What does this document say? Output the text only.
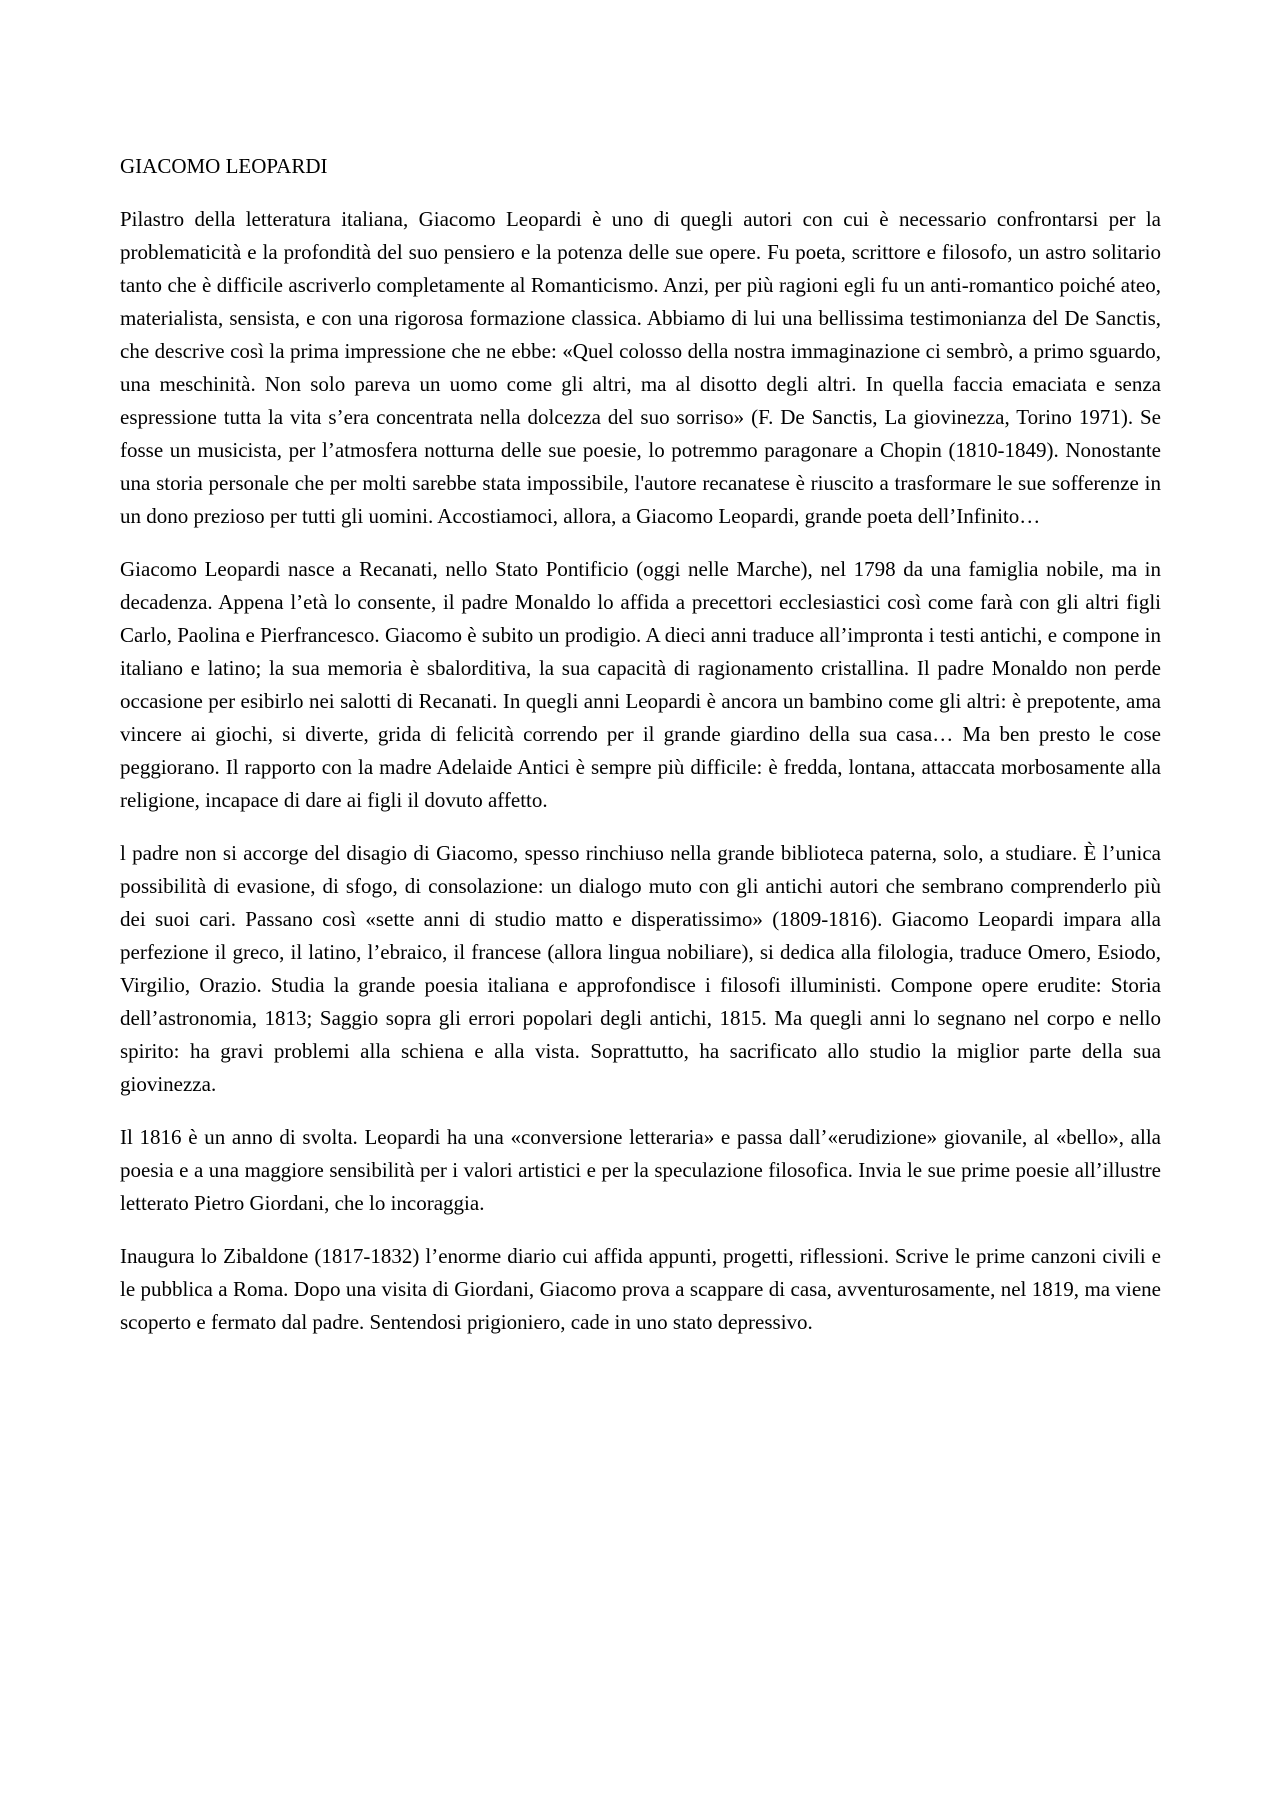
GIACOMO LEOPARDI

Pilastro della letteratura italiana, Giacomo Leopardi è uno di quegli autori con cui è necessario confrontarsi per la problematicità e la profondità del suo pensiero e la potenza delle sue opere. Fu poeta, scrittore e filosofo, un astro solitario tanto che è difficile ascriverlo completamente al Romanticismo. Anzi, per più ragioni egli fu un anti-romantico poiché ateo, materialista, sensista, e con una rigorosa formazione classica. Abbiamo di lui una bellissima testimonianza del De Sanctis, che descrive così la prima impressione che ne ebbe: «Quel colosso della nostra immaginazione ci sembrò, a primo sguardo, una meschinità. Non solo pareva un uomo come gli altri, ma al disotto degli altri. In quella faccia emaciata e senza espressione tutta la vita s’era concentrata nella dolcezza del suo sorriso» (F. De Sanctis, La giovinezza, Torino 1971). Se fosse un musicista, per l’atmosfera notturna delle sue poesie, lo potremmo paragonare a Chopin (1810-1849). Nonostante una storia personale che per molti sarebbe stata impossibile, l'autore recanatese è riuscito a trasformare le sue sofferenze in un dono prezioso per tutti gli uomini. Accostiamoci, allora, a Giacomo Leopardi, grande poeta dell’Infinito…

Giacomo Leopardi nasce a Recanati, nello Stato Pontificio (oggi nelle Marche), nel 1798 da una famiglia nobile, ma in decadenza. Appena l’età lo consente, il padre Monaldo lo affida a precettori ecclesiastici così come farà con gli altri figli Carlo, Paolina e Pierfrancesco. Giacomo è subito un prodigio. A dieci anni traduce all’impronta i testi antichi, e compone in italiano e latino; la sua memoria è sbalorditiva, la sua capacità di ragionamento cristallina. Il padre Monaldo non perde occasione per esibirlo nei salotti di Recanati. In quegli anni Leopardi è ancora un bambino come gli altri: è prepotente, ama vincere ai giochi, si diverte, grida di felicità correndo per il grande giardino della sua casa… Ma ben presto le cose peggiorano. Il rapporto con la madre Adelaide Antici è sempre più difficile: è fredda, lontana, attaccata morbosamente alla religione, incapace di dare ai figli il dovuto affetto.

l padre non si accorge del disagio di Giacomo, spesso rinchiuso nella grande biblioteca paterna, solo, a studiare. È l’unica possibilità di evasione, di sfogo, di consolazione: un dialogo muto con gli antichi autori che sembrano comprenderlo più dei suoi cari. Passano così «sette anni di studio matto e disperatissimo» (1809-1816). Giacomo Leopardi impara alla perfezione il greco, il latino, l’ebraico, il francese (allora lingua nobiliare), si dedica alla filologia, traduce Omero, Esiodo, Virgilio, Orazio. Studia la grande poesia italiana e approfondisce i filosofi illuministi. Compone opere erudite: Storia dell’astronomia, 1813; Saggio sopra gli errori popolari degli antichi, 1815. Ma quegli anni lo segnano nel corpo e nello spirito: ha gravi problemi alla schiena e alla vista. Soprattutto, ha sacrificato allo studio la miglior parte della sua giovinezza.

Il 1816 è un anno di svolta. Leopardi ha una «conversione letteraria» e passa dall’«erudizione» giovanile, al «bello», alla poesia e a una maggiore sensibilità per i valori artistici e per la speculazione filosofica. Invia le sue prime poesie all’illustre letterato Pietro Giordani, che lo incoraggia.

Inaugura lo Zibaldone (1817-1832) l’enorme diario cui affida appunti, progetti, riflessioni. Scrive le prime canzoni civili e le pubblica a Roma. Dopo una visita di Giordani, Giacomo prova a scappare di casa, avventurosamente, nel 1819, ma viene scoperto e fermato dal padre. Sentendosi prigioniero, cade in uno stato depressivo.
